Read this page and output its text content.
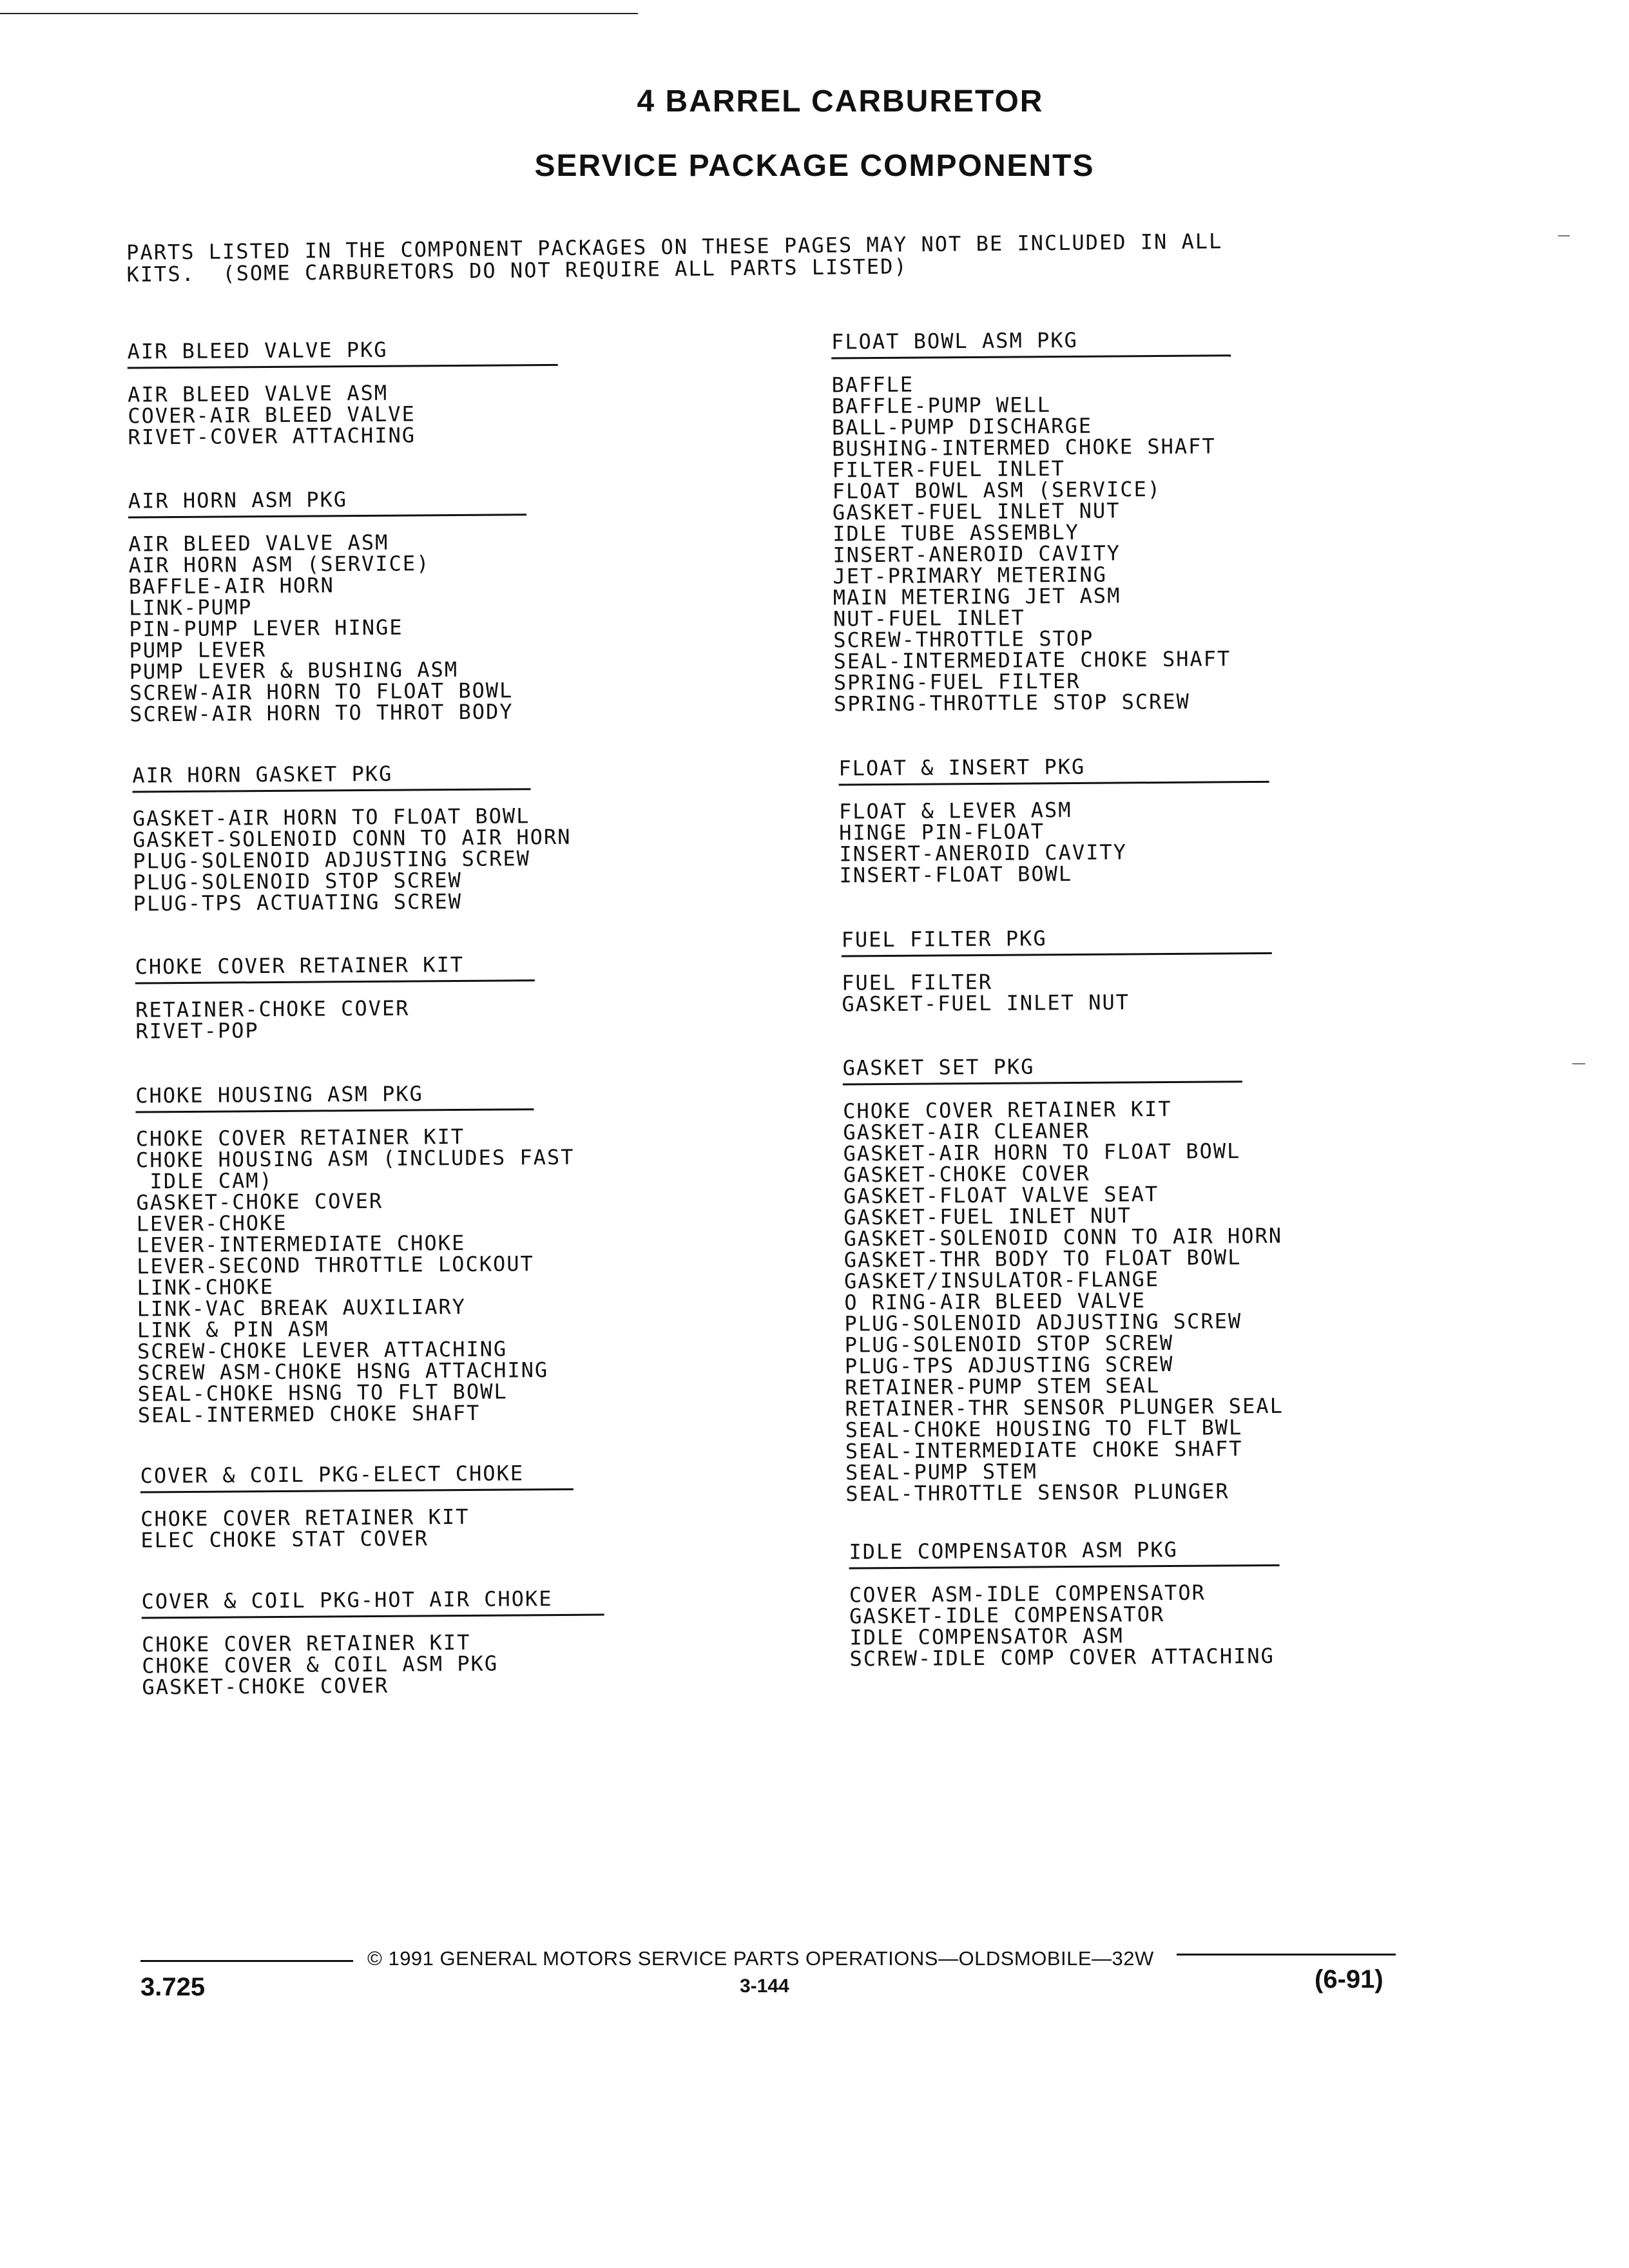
4 BARREL CARBURETOR
SERVICE PACKAGE COMPONENTS
PARTS LISTED IN THE COMPONENT PACKAGES ON THESE PAGES MAY NOT BE INCLUDED IN ALL
KITS.  (SOME CARBURETORS DO NOT REQUIRE ALL PARTS LISTED)
AIR BLEED VALVE PKG
AIR BLEED VALVE ASM
COVER-AIR BLEED VALVE
RIVET-COVER ATTACHING
AIR HORN ASM PKG
AIR BLEED VALVE ASM
AIR HORN ASM (SERVICE)
BAFFLE-AIR HORN
LINK-PUMP
PIN-PUMP LEVER HINGE
PUMP LEVER
PUMP LEVER & BUSHING ASM
SCREW-AIR HORN TO FLOAT BOWL
SCREW-AIR HORN TO THROT BODY
AIR HORN GASKET PKG
GASKET-AIR HORN TO FLOAT BOWL
GASKET-SOLENOID CONN TO AIR HORN
PLUG-SOLENOID ADJUSTING SCREW
PLUG-SOLENOID STOP SCREW
PLUG-TPS ACTUATING SCREW
CHOKE COVER RETAINER KIT
RETAINER-CHOKE COVER
RIVET-POP
CHOKE HOUSING ASM PKG
CHOKE COVER RETAINER KIT
CHOKE HOUSING ASM (INCLUDES FAST
IDLE CAM)
GASKET-CHOKE COVER
LEVER-CHOKE
LEVER-INTERMEDIATE CHOKE
LEVER-SECOND THROTTLE LOCKOUT
LINK-CHOKE
LINK-VAC BREAK AUXILIARY
LINK & PIN ASM
SCREW-CHOKE LEVER ATTACHING
SCREW ASM-CHOKE HSNG ATTACHING
SEAL-CHOKE HSNG TO FLT BOWL
SEAL-INTERMED CHOKE SHAFT
COVER & COIL PKG-ELECT CHOKE
CHOKE COVER RETAINER KIT
ELEC CHOKE STAT COVER
COVER & COIL PKG-HOT AIR CHOKE
CHOKE COVER RETAINER KIT
CHOKE COVER & COIL ASM PKG
GASKET-CHOKE COVER
FLOAT BOWL ASM PKG
BAFFLE
BAFFLE-PUMP WELL
BALL-PUMP DISCHARGE
BUSHING-INTERMED CHOKE SHAFT
FILTER-FUEL INLET
FLOAT BOWL ASM (SERVICE)
GASKET-FUEL INLET NUT
IDLE TUBE ASSEMBLY
INSERT-ANEROID CAVITY
JET-PRIMARY METERING
MAIN METERING JET ASM
NUT-FUEL INLET
SCREW-THROTTLE STOP
SEAL-INTERMEDIATE CHOKE SHAFT
SPRING-FUEL FILTER
SPRING-THROTTLE STOP SCREW
FLOAT & INSERT PKG
FLOAT & LEVER ASM
HINGE PIN-FLOAT
INSERT-ANEROID CAVITY
INSERT-FLOAT BOWL
FUEL FILTER PKG
FUEL FILTER
GASKET-FUEL INLET NUT
GASKET SET PKG
CHOKE COVER RETAINER KIT
GASKET-AIR CLEANER
GASKET-AIR HORN TO FLOAT BOWL
GASKET-CHOKE COVER
GASKET-FLOAT VALVE SEAT
GASKET-FUEL INLET NUT
GASKET-SOLENOID CONN TO AIR HORN
GASKET-THR BODY TO FLOAT BOWL
GASKET/INSULATOR-FLANGE
O RING-AIR BLEED VALVE
PLUG-SOLENOID ADJUSTING SCREW
PLUG-SOLENOID STOP SCREW
PLUG-TPS ADJUSTING SCREW
RETAINER-PUMP STEM SEAL
RETAINER-THR SENSOR PLUNGER SEAL
SEAL-CHOKE HOUSING TO FLT BWL
SEAL-INTERMEDIATE CHOKE SHAFT
SEAL-PUMP STEM
SEAL-THROTTLE SENSOR PLUNGER
IDLE COMPENSATOR ASM PKG
COVER ASM-IDLE COMPENSATOR
GASKET-IDLE COMPENSATOR
IDLE COMPENSATOR ASM
SCREW-IDLE COMP COVER ATTACHING
© 1991 GENERAL MOTORS SERVICE PARTS OPERATIONS—OLDSMOBILE—32W
3.725	3-144	(6-91)
